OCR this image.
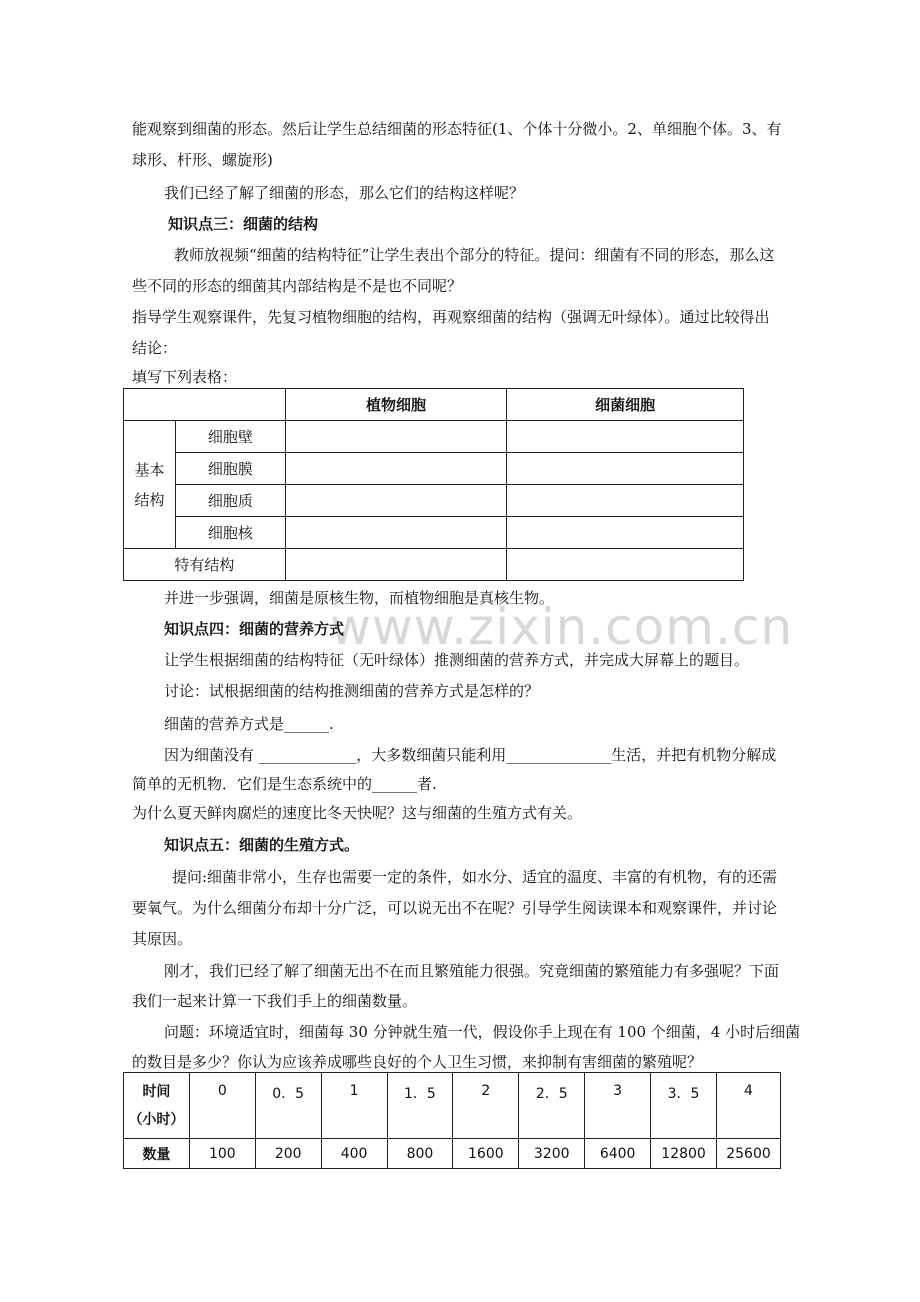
www.zixin.com.cn
能观察到细菌的形态。然后让学生总结细菌的形态特征(1、个体十分微小。2、单细胞个体。3、有
球形、杆形、螺旋形)
我们已经了解了细菌的形态，那么它们的结构这样呢？
知识点三：细菌的结构
教师放视频“细菌的结构特征”让学生表出个部分的特征。提问：细菌有不同的形态，那么这
些不同的形态的细菌其内部结构是不是也不同呢？
指导学生观察课件，先复习植物细胞的结构，再观察细菌的结构（强调无叶绿体）。通过比较得出
结论：
填写下列表格：
		植物细胞	细菌细胞

基本
结构	细胞壁		
	细胞膜		
	细胞质		
	细胞核		
特有结构			
并进一步强调，细菌是原核生物，而植物细胞是真核生物。
知识点四：细菌的营养方式
让学生根据细菌的结构特征（无叶绿体）推测细菌的营养方式，并完成大屏幕上的题目。
讨论：试根据细菌的结构推测细菌的营养方式是怎样的？
细菌的营养方式是______.
因为细菌没有 _____________，大多数细菌只能利用______________生活，并把有机物分解成
简单的无机物．它们是生态系统中的______者.
为什么夏天鲜肉腐烂的速度比冬天快呢？这与细菌的生殖方式有关。
知识点五：细菌的生殖方式。
提问:细菌非常小，生存也需要一定的条件，如水分、适宜的温度、丰富的有机物，有的还需
要氧气。为什么细菌分布却十分广泛，可以说无出不在呢？引导学生阅读课本和观察课件，并讨论
其原因。
刚才，我们已经了解了细菌无出不在而且繁殖能力很强。究竟细菌的繁殖能力有多强呢？下面
我们一起来计算一下我们手上的细菌数量。
问题：环境适宜时，细菌每 30 分钟就生殖一代，假设你手上现在有 100 个细菌，4 小时后细菌
的数目是多少？你认为应该养成哪些良好的个人卫生习惯，来抑制有害细菌的繁殖呢？
时间
（小时）	0	0．5	1	1．5	2	2．5	3	3．5	4
数量	100	200	400	800	1600	3200	6400	12800	25600
